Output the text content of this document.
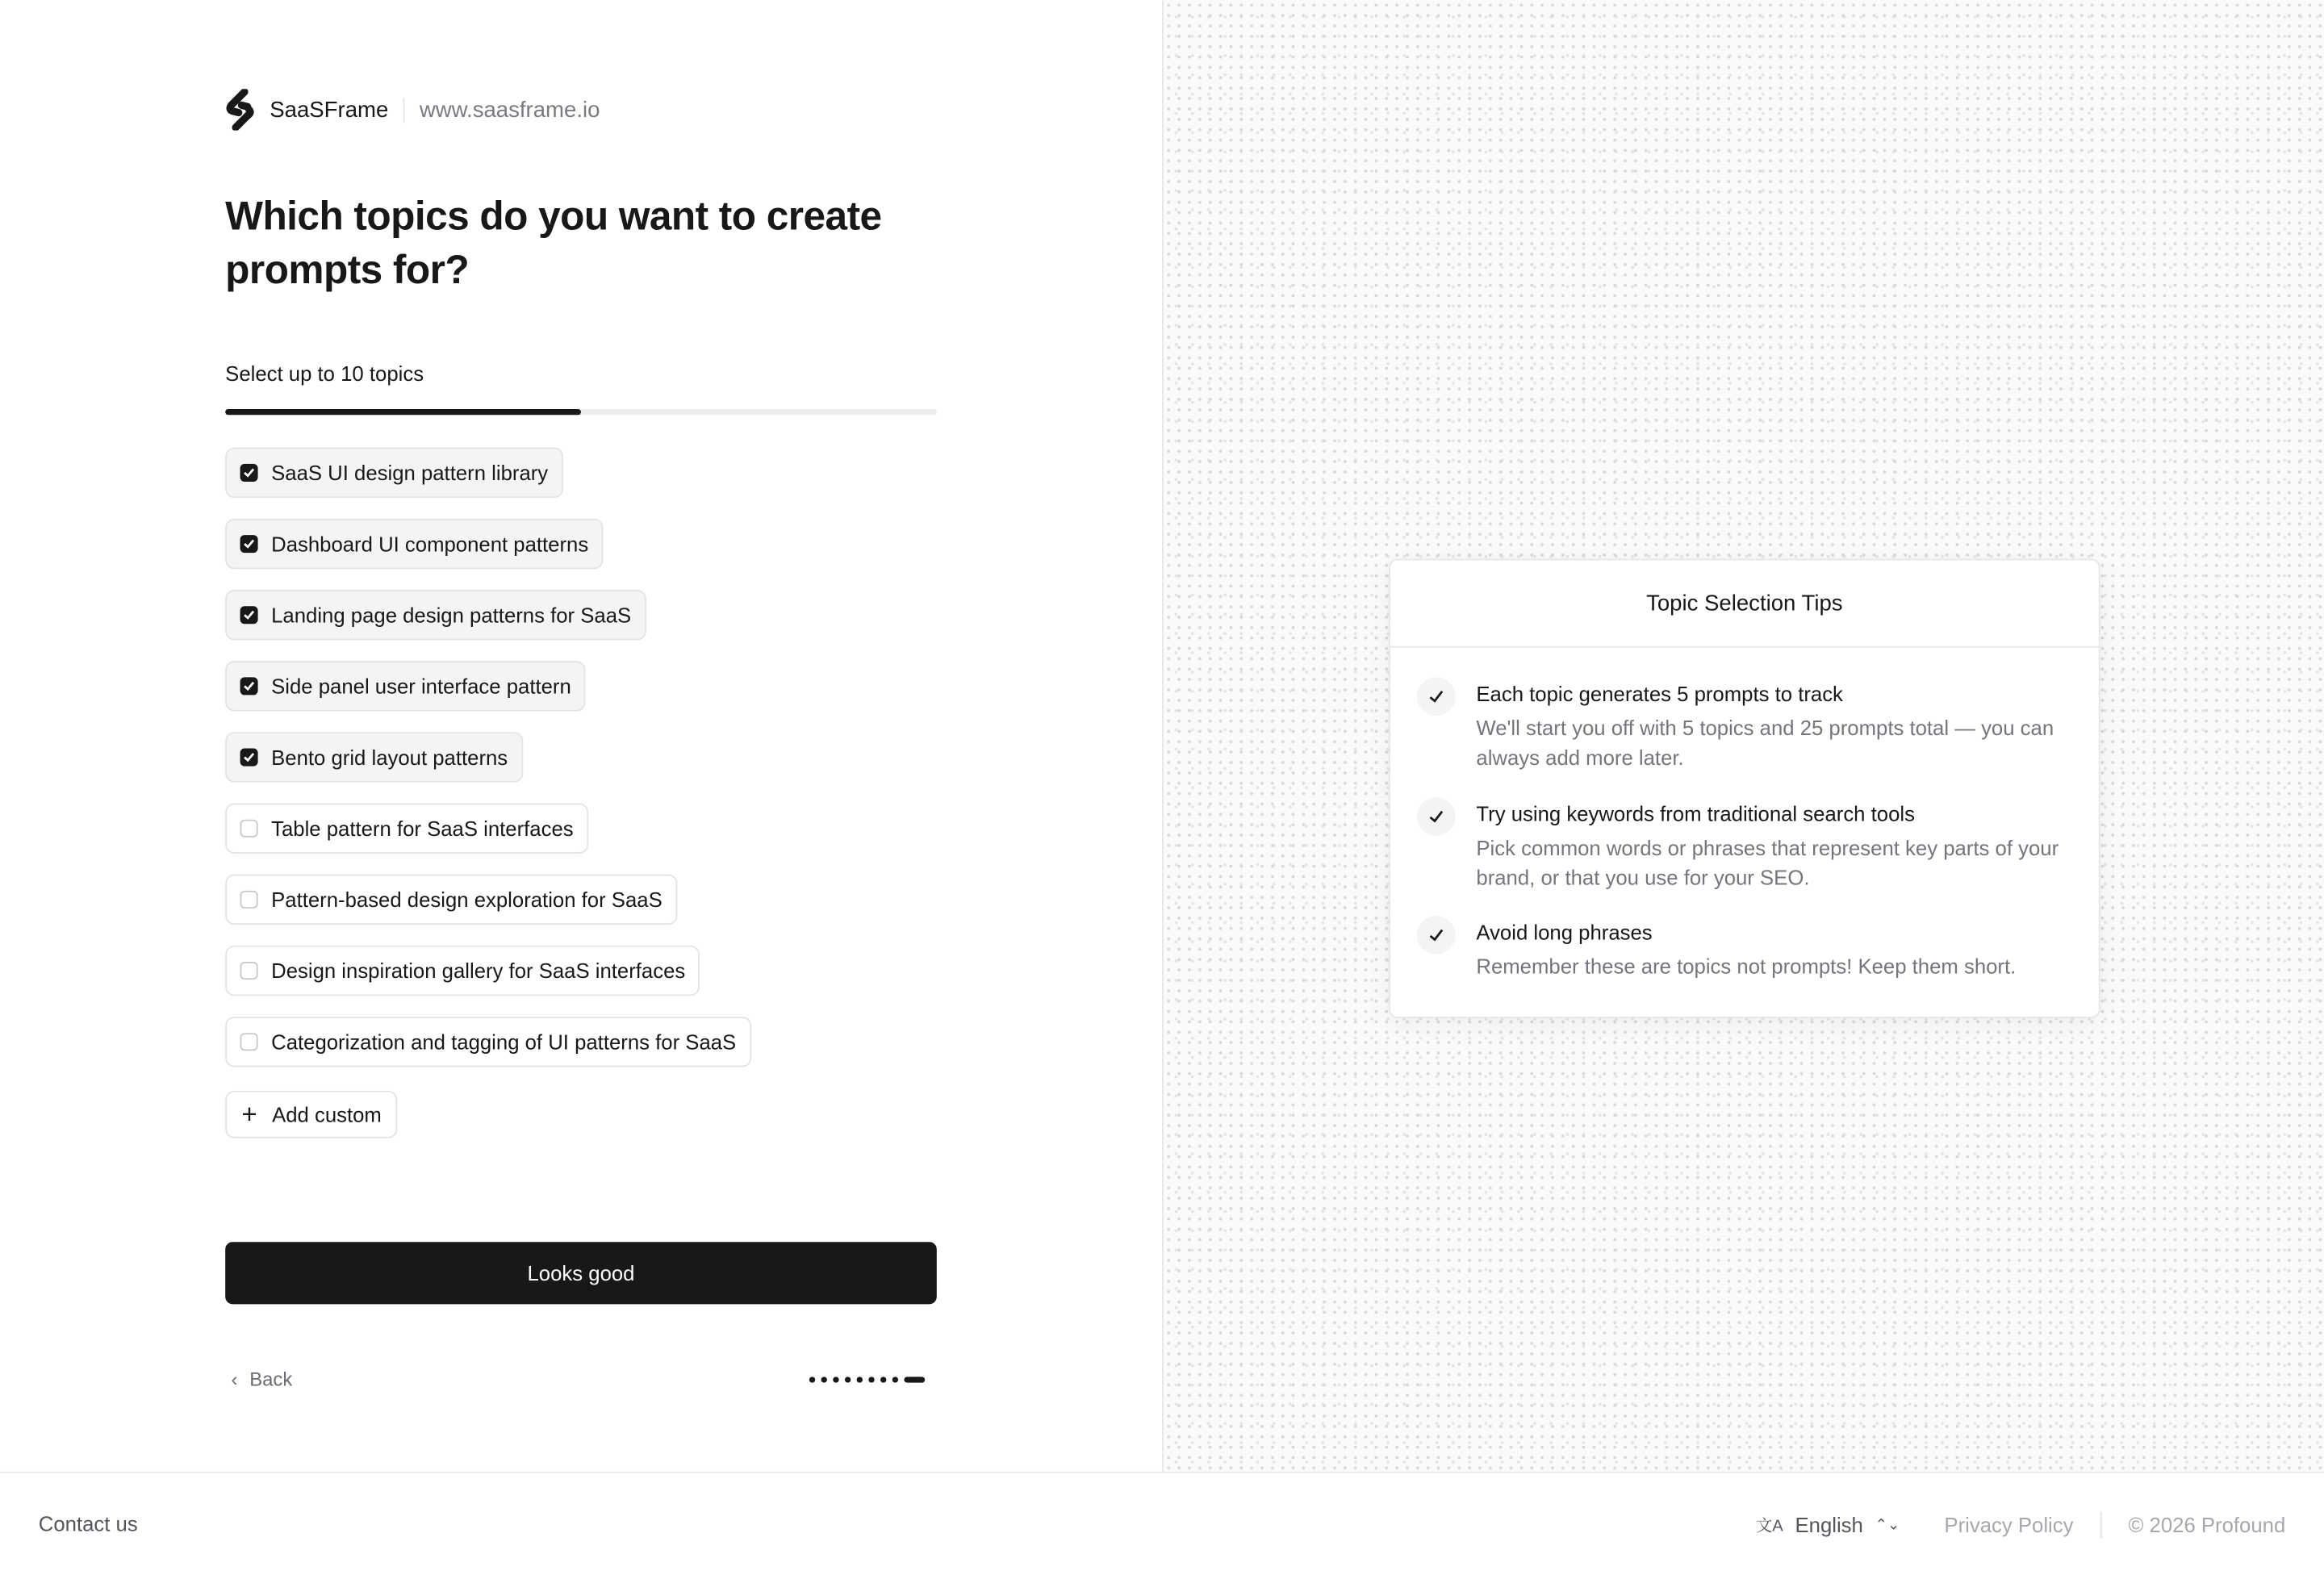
SaaSFrame	www.saasframe.io
Which topics do you want to create prompts for?
Select up to 10 topics
SaaS UI design pattern library
Dashboard UI component patterns
Landing page design patterns for SaaS
Side panel user interface pattern
Bento grid layout patterns
Table pattern for SaaS interfaces
Pattern-based design exploration for SaaS
Design inspiration gallery for SaaS interfaces
Categorization and tagging of UI patterns for SaaS
+ Add custom
Looks good
‹ Back
Topic Selection Tips
Each topic generates 5 prompts to track
We'll start you off with 5 topics and 25 prompts total — you can always add more later.
Try using keywords from traditional search tools
Pick common words or phrases that represent key parts of your brand, or that you use for your SEO.
Avoid long phrases
Remember these are topics not prompts! Keep them short.
Contact us	文A English ⌃⌄	Privacy Policy	© 2026 Profound
